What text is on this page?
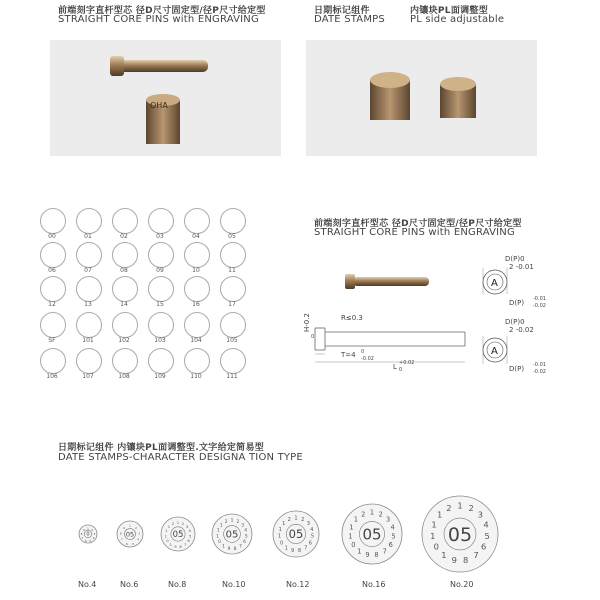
前端刻字直杆型芯 径D尺寸固定型/径P尺寸给定型
STRAIGHT CORE PINS with ENGRAVING
OHA
日期标记组件
DATE STAMPS
内镶块PL面调整型
PL side adjustable
00	01	02	03	04	05
06	07	08	09	10	11
12	13	14	15	16	17
SF	101	102	103	104	105
106	107	108	109	110	111
前端刻字直杆型芯 径D尺寸固定型/径P尺寸给定型
STRAIGHT CORE PINS with ENGRAVING
A
A
D(P)0
2 -0.01
D(P) -0.01
-0.02
R≤0.3
H-0.2
0
T=4 0
-0.02
L +0.02
0
D(P)0
2 -0.02
D(P) -0.01
-0.02
日期标记组件 内镶块PL面调整型.文字给定简易型
DATE STAMPS-CHARACTER DESIGNA TION TYPE
0
1 2
3
4
5
6
7
8
9
No.4
05
1
2
3
4
5
6
7
8
9
No.6
05
1 2
3
4
5
6
7
8
9
1
0
1
1
1
2
No.8
05
1 2
3
4
5
6
7
8
9
1
0
1
1
1
2
No.10
05
1 2
3
4
5
6
7
8
9
1
0
1
1
1
2
No.12
05
1 2
3
4
5
6
7
8
9
1
0
1
1
1
2
No.16
05
1 2
3
4
5
6
7
8
9
1
0
1
1
1
2
No.20
